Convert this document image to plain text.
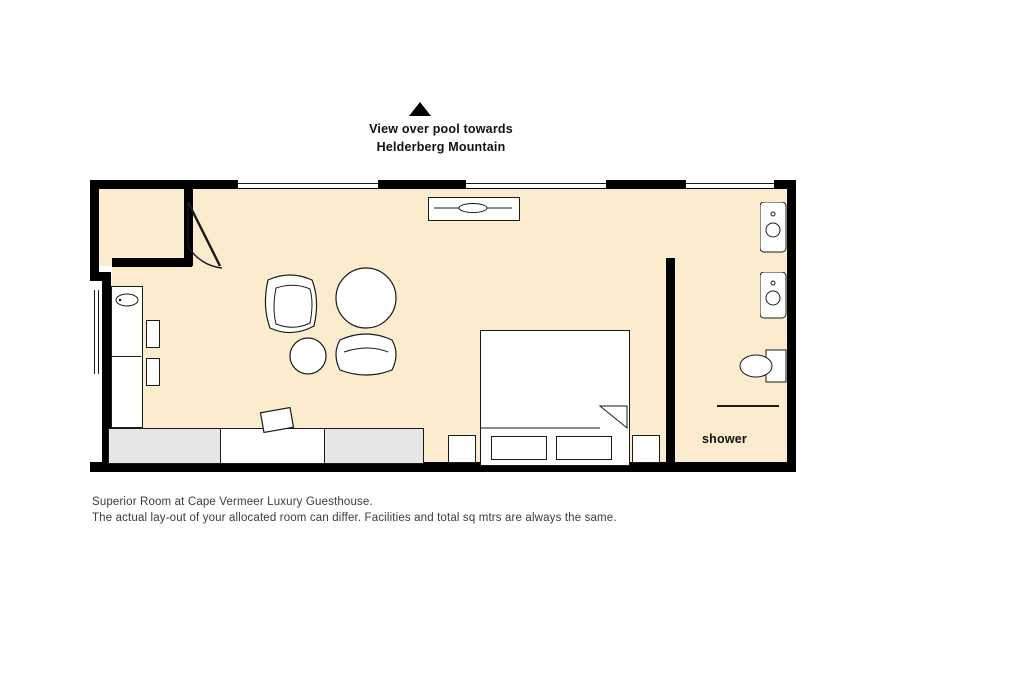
View over pool towards
Helderberg Mountain
shower
Superior Room at Cape Vermeer Luxury Guesthouse.
The actual lay-out of your allocated room can differ. Facilities and total sq mtrs are always the same.
